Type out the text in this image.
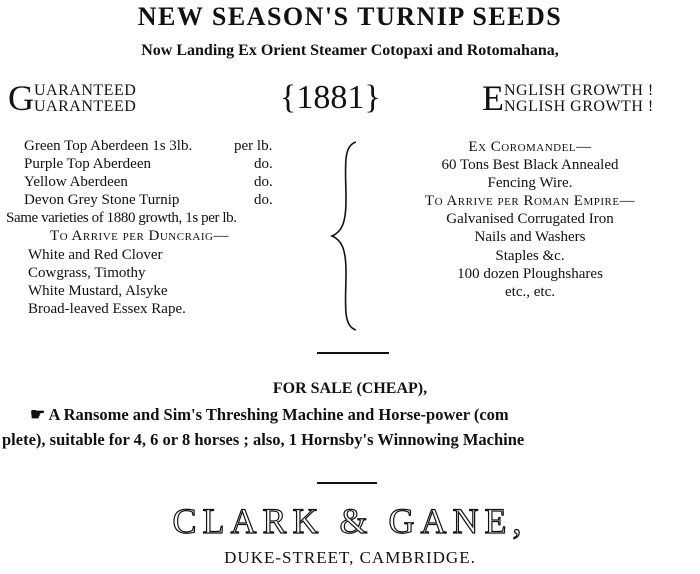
NEW SEASON'S TURNIP SEEDS
Now Landing Ex Orient Steamer Cotopaxi and Rotomahana,
G UARANTEED
UARANTEED	{1881}	E NGLISH GROWTH !
NGLISH GROWTH !
Green Top Aberdeen 1s 3lb.	per lb.
Purple Top Aberdeen	do.
Yellow Aberdeen	do.
Devon Grey Stone Turnip	do.
Same varieties of 1880 growth, 1s per lb.
To Arrive per Duncraig—
White and Red Clover
Cowgrass, Timothy
White Mustard, Alsyke
Broad-leaved Essex Rape.
Ex Coromandel—
60 Tons Best Black Annealed
Fencing Wire.
To Arrive per Roman Empire—
Galvanised Corrugated Iron
Nails and Washers
Staples &c.
100 dozen Ploughshares
etc., etc.
FOR SALE (CHEAP),
☛ A Ransome and Sim's Threshing Machine and Horse-power (com
plete), suitable for 4, 6 or 8 horses ; also, 1 Hornsby's Winnowing Machine
CLARK & GANE,
DUKE-STREET, CAMBRIDGE.
